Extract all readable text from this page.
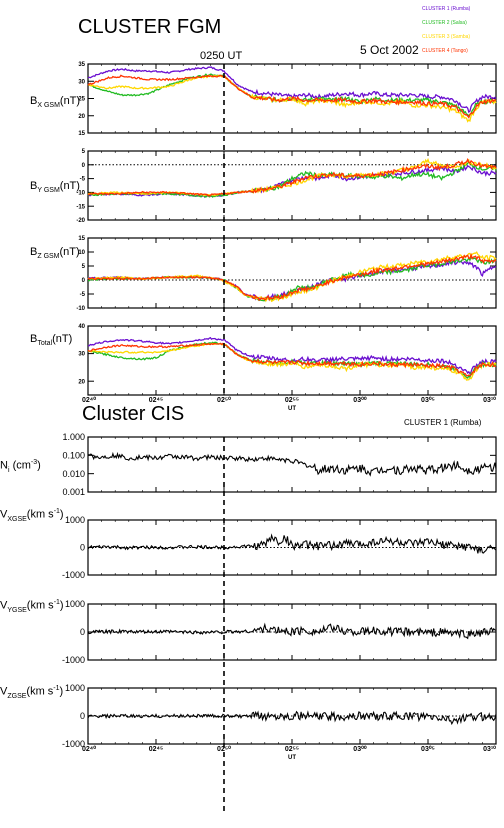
CLUSTER FGM
5 Oct 2002
0250 UT
CLUSTER 1 (Rumba)
CLUSTER 2 (Salsa)
CLUSTER 3 (Samba)
CLUSTER 4 (Tango)
Cluster CIS	CLUSTER 1 (Rumba)
$B_{X GSM}(nT)$
$B_{Y GSM}(nT)$
$B_{Z GSM}(nT)$
$B_{Total}(nT)$
$N_i$ $(cm^{-3})$
$V_{XGSE}(km$ $s^{-1}$)
$V_{YGSE}(km$ $s^{-1}$)
$V_{ZGSE}(km$ $s^{-1}$)
15
20
25
30
35
-20
-15
-10
-5
0
5
-10
-5
0
5
10
15
20
30
40
0.001
0.010
0.100
1.000
-1000
0
1000
-1000
0
1000
-1000
0
1000
02⁴⁰	02⁴⁵	02⁵⁰	02⁵⁵	03⁰⁰	03⁰⁵	03¹⁰
UT
02⁴⁰	02⁴⁵	02⁵⁰	02⁵⁵	03⁰⁰	03⁰⁵	03¹⁰
UT
